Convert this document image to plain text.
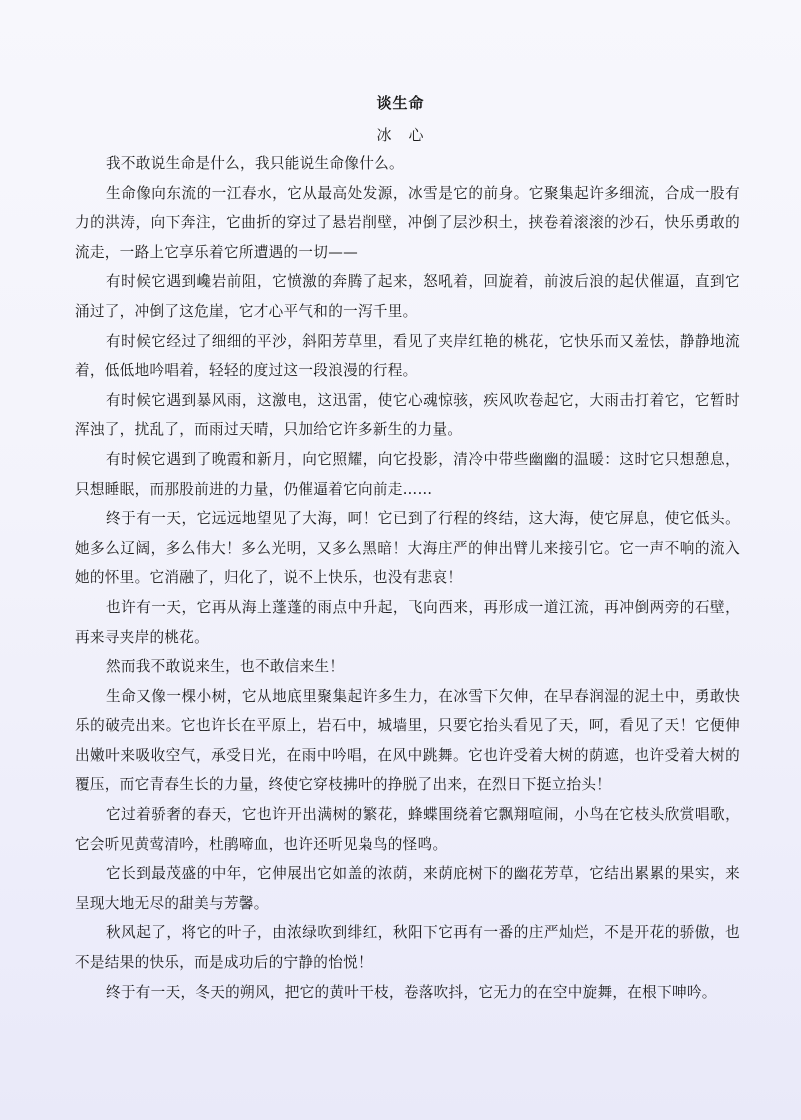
谈生命
冰　心

我不敢说生命是什么，我只能说生命像什么。

生命像向东流的一江春水，它从最高处发源，冰雪是它的前身。它聚集起许多细流，合成一股有力的洪涛，向下奔注，它曲折的穿过了悬岩削壁，冲倒了层沙积土，挟卷着滚滚的沙石，快乐勇敢的流走，一路上它享乐着它所遭遇的一切——

有时候它遇到巉岩前阻，它愤激的奔腾了起来，怒吼着，回旋着，前波后浪的起伏催逼，直到它涌过了，冲倒了这危崖，它才心平气和的一泻千里。

有时候它经过了细细的平沙，斜阳芳草里，看见了夹岸红艳的桃花，它快乐而又羞怯，静静地流着，低低地吟唱着，轻轻的度过这一段浪漫的行程。

有时候它遇到暴风雨，这激电，这迅雷，使它心魂惊骇，疾风吹卷起它，大雨击打着它，它暂时浑浊了，扰乱了，而雨过天晴，只加给它许多新生的力量。

有时候它遇到了晚霞和新月，向它照耀，向它投影，清冷中带些幽幽的温暖：这时它只想憩息，只想睡眠，而那股前进的力量，仍催逼着它向前走……

终于有一天，它远远地望见了大海，呵！它已到了行程的终结，这大海，使它屏息，使它低头。她多么辽阔，多么伟大！多么光明，又多么黑暗！大海庄严的伸出臂儿来接引它。它一声不响的流入她的怀里。它消融了，归化了，说不上快乐，也没有悲哀！

也许有一天，它再从海上蓬蓬的雨点中升起，飞向西来，再形成一道江流，再冲倒两旁的石壁，再来寻夹岸的桃花。

然而我不敢说来生，也不敢信来生！

生命又像一棵小树，它从地底里聚集起许多生力，在冰雪下欠伸，在早春润湿的泥土中，勇敢快乐的破壳出来。它也许长在平原上，岩石中，城墙里，只要它抬头看见了天，呵，看见了天！它便伸出嫩叶来吸收空气，承受日光，在雨中吟唱，在风中跳舞。它也许受着大树的荫遮，也许受着大树的覆压，而它青春生长的力量，终使它穿枝拂叶的挣脱了出来，在烈日下挺立抬头！

它过着骄奢的春天，它也许开出满树的繁花，蜂蝶围绕着它飘翔喧闹，小鸟在它枝头欣赏唱歌，它会听见黄莺清吟，杜鹃啼血，也许还听见枭鸟的怪鸣。

它长到最茂盛的中年，它伸展出它如盖的浓荫，来荫庇树下的幽花芳草，它结出累累的果实，来呈现大地无尽的甜美与芳馨。

秋风起了，将它的叶子，由浓绿吹到绯红，秋阳下它再有一番的庄严灿烂，不是开花的骄傲，也不是结果的快乐，而是成功后的宁静的怡悦！

终于有一天，冬天的朔风，把它的黄叶干枝，卷落吹抖，它无力的在空中旋舞，在根下呻吟。
